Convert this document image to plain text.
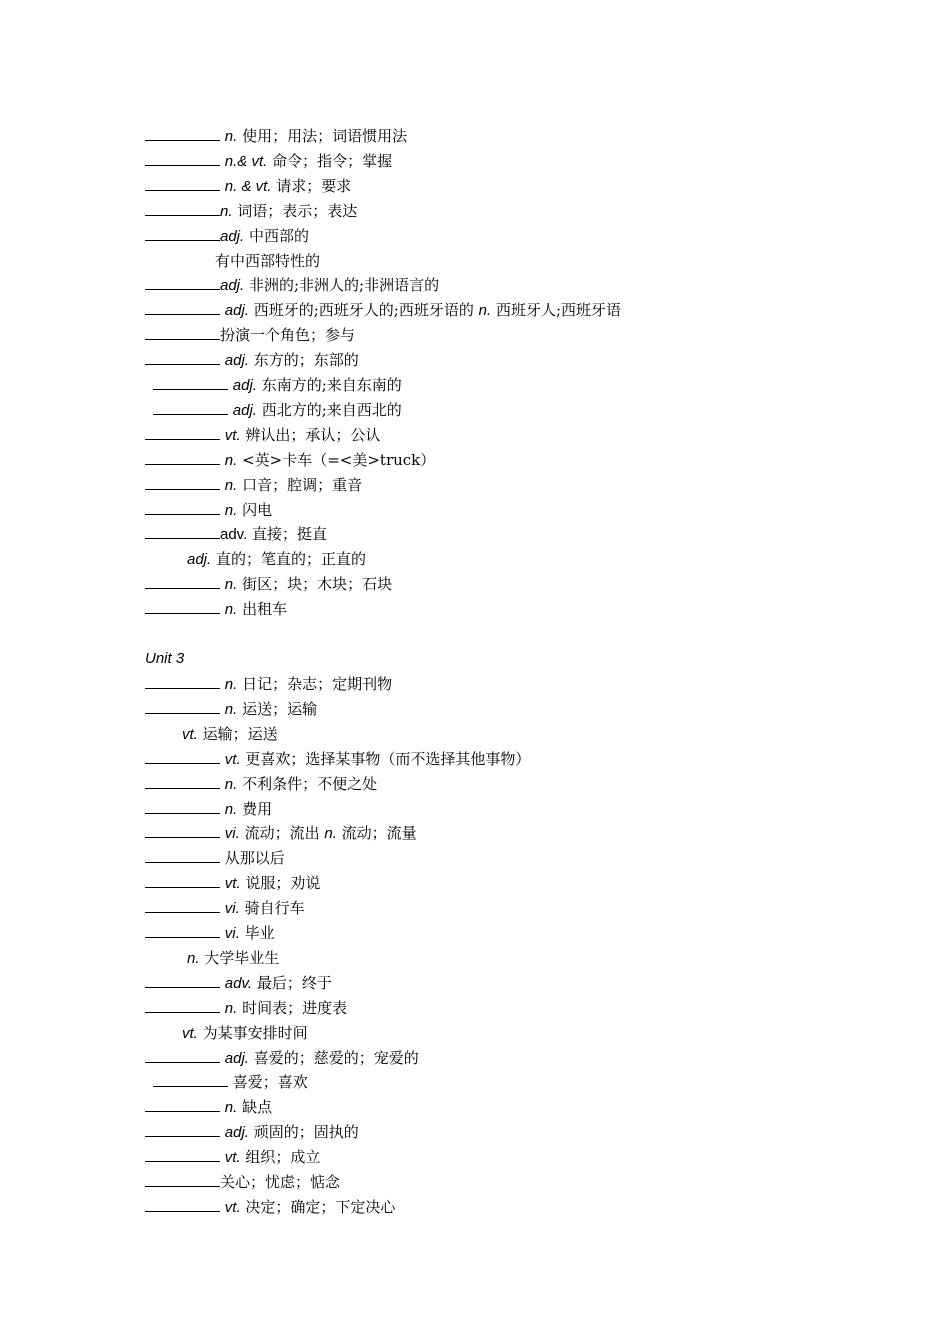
n. 使用；用法；词语惯用法
n.& vt. 命令；指令；掌握
n. & vt. 请求；要求
n. 词语；表示；表达
adj. 中西部的
有中西部特性的
adj. 非洲的;非洲人的;非洲语言的
adj. 西班牙的;西班牙人的;西班牙语的 n. 西班牙人;西班牙语
扮演一个角色；参与
adj. 东方的；东部的
adj. 东南方的;来自东南的
adj. 西北方的;来自西北的
vt. 辨认出；承认；公认
n. <英>卡车（=<美>truck）
n. 口音；腔调；重音
n. 闪电
adv. 直接；挺直
adj. 直的；笔直的；正直的
n. 街区；块；木块；石块
n. 出租车
Unit 3
n. 日记；杂志；定期刊物
n. 运送；运输
vt. 运输；运送
vt. 更喜欢；选择某事物（而不选择其他事物）
n. 不利条件；不便之处
n. 费用
vi. 流动；流出 n. 流动；流量
从那以后
vt. 说服；劝说
vi. 骑自行车
vi. 毕业
n. 大学毕业生
adv. 最后；终于
n. 时间表；进度表
vt. 为某事安排时间
adj. 喜爱的；慈爱的；宠爱的
喜爱；喜欢
n. 缺点
adj. 顽固的；固执的
vt. 组织；成立
关心；忧虑；惦念
vt. 决定；确定；下定决心
